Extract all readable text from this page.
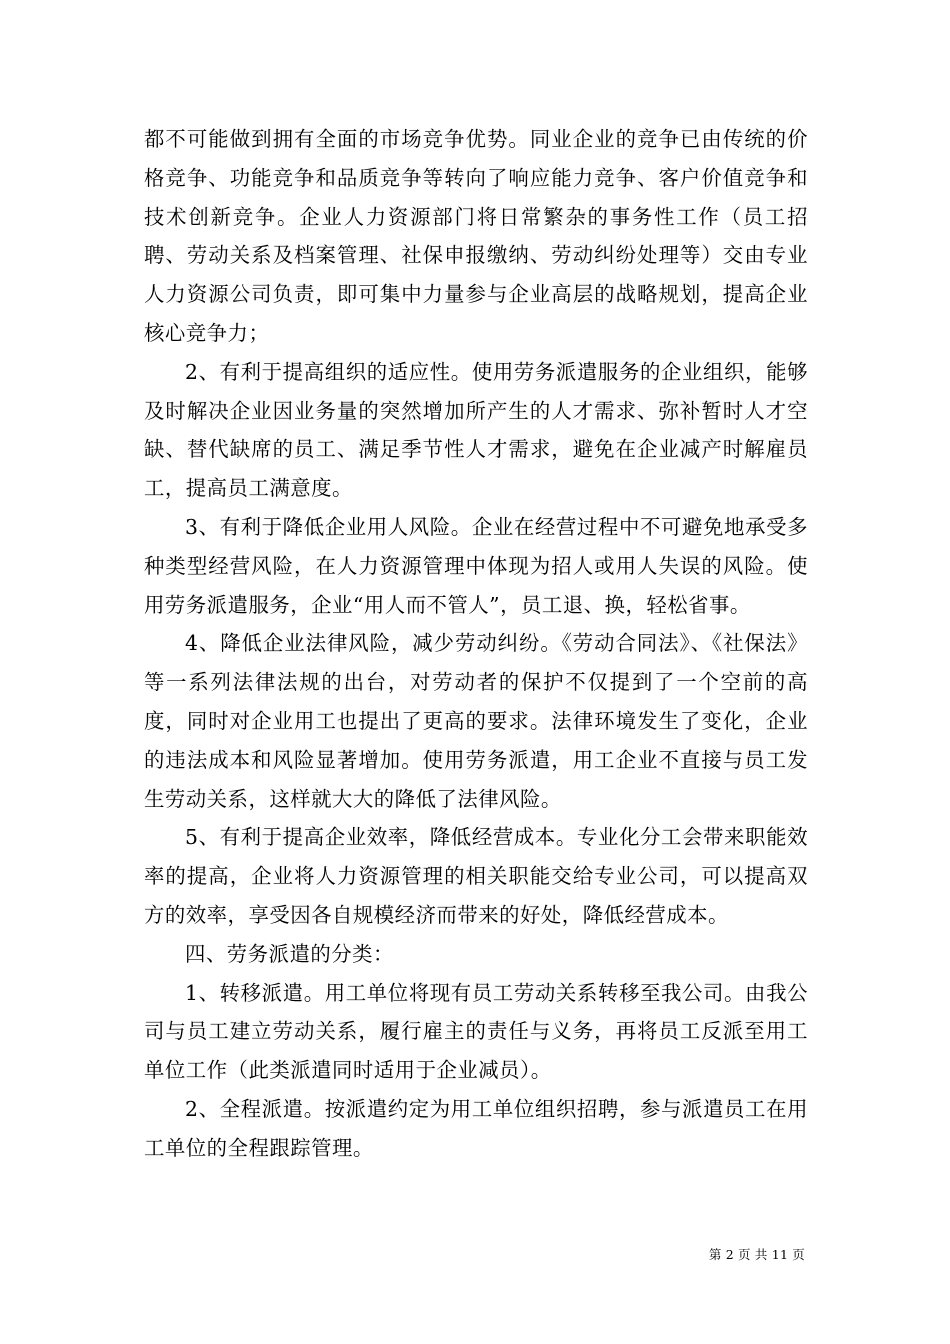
都不可能做到拥有全面的市场竞争优势。同业企业的竞争已由传统的价格竞争、功能竞争和品质竞争等转向了响应能力竞争、客户价值竞争和技术创新竞争。企业人力资源部门将日常繁杂的事务性工作（员工招聘、劳动关系及档案管理、社保申报缴纳、劳动纠纷处理等）交由专业人力资源公司负责，即可集中力量参与企业高层的战略规划，提高企业核心竞争力；

2、有利于提高组织的适应性。使用劳务派遣服务的企业组织，能够及时解决企业因业务量的突然增加所产生的人才需求、弥补暂时人才空缺、替代缺席的员工、满足季节性人才需求，避免在企业减产时解雇员工，提高员工满意度。

3、有利于降低企业用人风险。企业在经营过程中不可避免地承受多种类型经营风险，在人力资源管理中体现为招人或用人失误的风险。使用劳务派遣服务，企业“用人而不管人”，员工退、换，轻松省事。

4、降低企业法律风险，减少劳动纠纷。《劳动合同法》、《社保法》等一系列法律法规的出台，对劳动者的保护不仅提到了一个空前的高度，同时对企业用工也提出了更高的要求。法律环境发生了变化，企业的违法成本和风险显著增加。使用劳务派遣，用工企业不直接与员工发生劳动关系，这样就大大的降低了法律风险。

5、有利于提高企业效率，降低经营成本。专业化分工会带来职能效率的提高，企业将人力资源管理的相关职能交给专业公司，可以提高双方的效率，享受因各自规模经济而带来的好处，降低经营成本。

四、劳务派遣的分类：

1、转移派遣。用工单位将现有员工劳动关系转移至我公司。由我公司与员工建立劳动关系，履行雇主的责任与义务，再将员工反派至用工单位工作（此类派遣同时适用于企业减员）。

2、全程派遣。按派遣约定为用工单位组织招聘，参与派遣员工在用工单位的全程跟踪管理。

第 2 页 共 11 页
